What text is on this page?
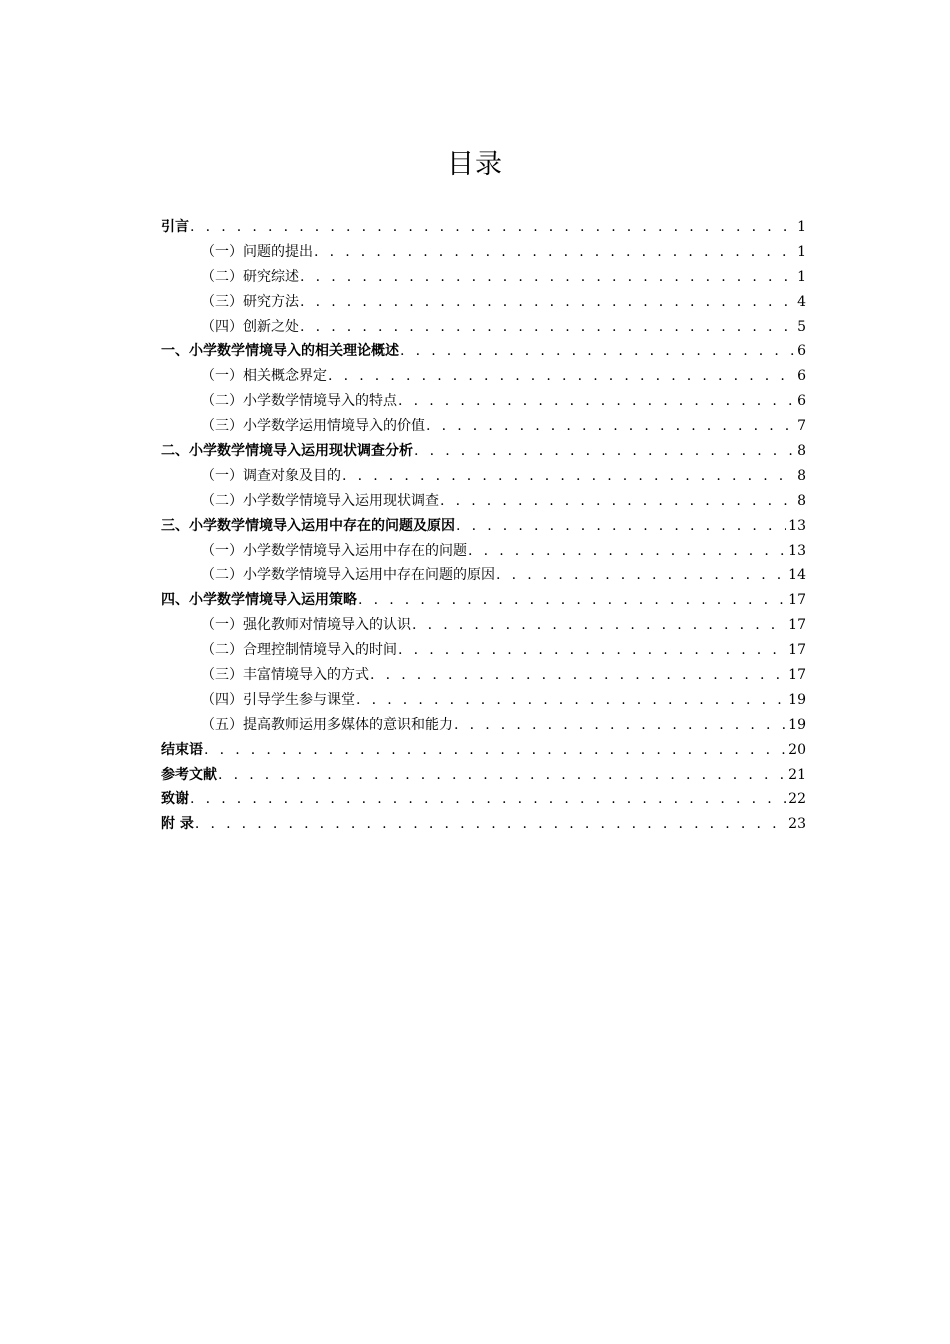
目录
引言 . . .	1
（一）问题的提出 . . .	1
（二）研究综述 . . .	1
（三）研究方法 . . .	4
（四）创新之处 . . .	5
一、小学数学情境导入的相关理论概述 . . .	6
（一）相关概念界定 . . .	6
（二）小学数学情境导入的特点 . . .	6
（三）小学数学运用情境导入的价值 . . .	7
二、小学数学情境导入运用现状调查分析 . . .	8
（一）调查对象及目的 . . .	8
（二）小学数学情境导入运用现状调查 . . .	8
三、小学数学情境导入运用中存在的问题及原因 . . .	13
（一）小学数学情境导入运用中存在的问题 . . .	13
（二）小学数学情境导入运用中存在问题的原因 . . .	14
四、小学数学情境导入运用策略 . . .	17
（一）强化教师对情境导入的认识 . . .	17
（二）合理控制情境导入的时间 . . .	17
（三）丰富情境导入的方式 . . .	17
（四）引导学生参与课堂 . . .	19
（五）提高教师运用多媒体的意识和能力 . . .	19
结束语 . . .	20
参考文献 . . .	21
致谢 . . .	22
附 录 . . .	23
